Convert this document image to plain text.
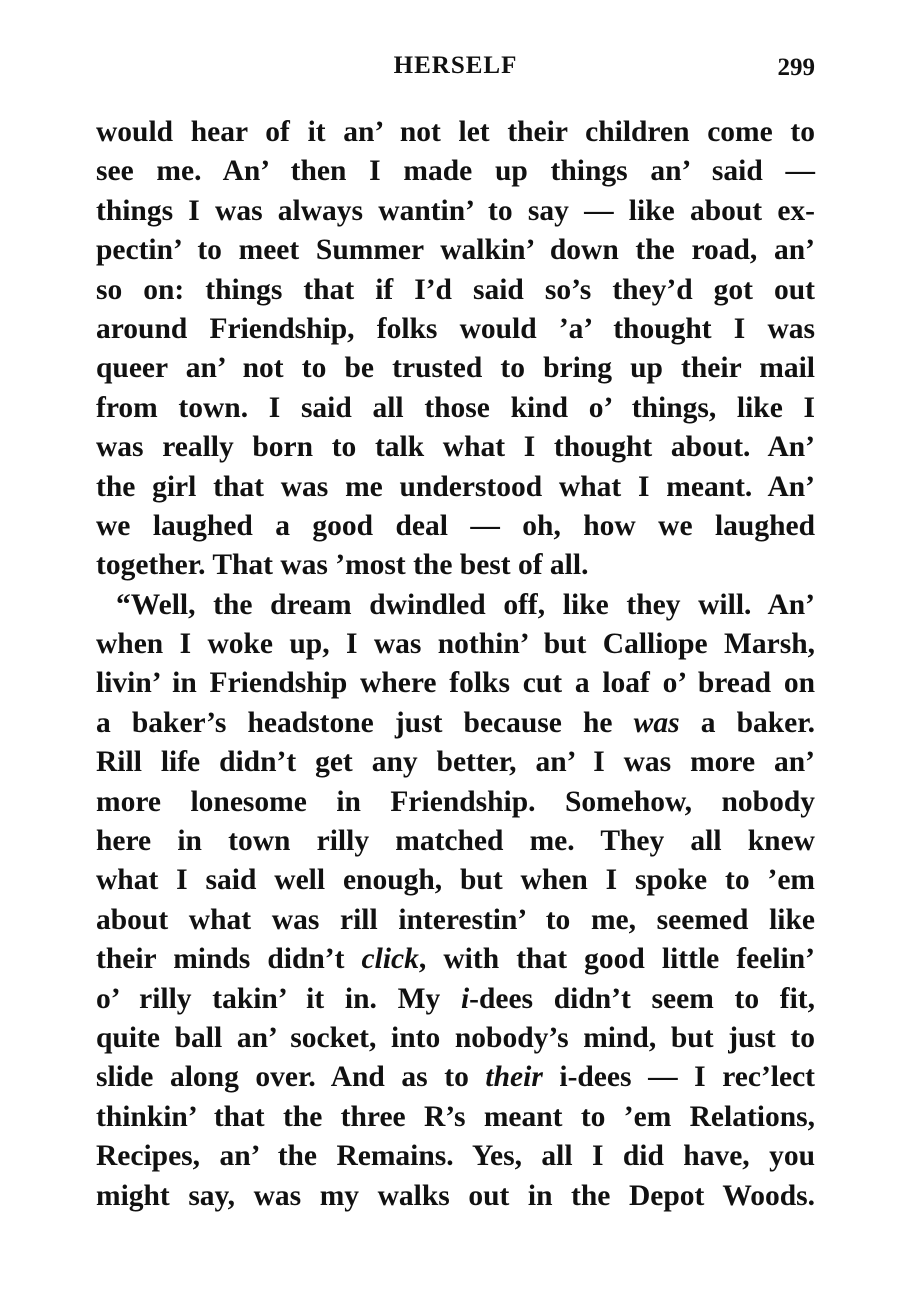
HERSELF	299
would hear of it an’ not let their children come to
see me. An’ then I made up things an’ said —
things I was always wantin’ to say — like about ex-
pectin’ to meet Summer walkin’ down the road, an’
so on: things that if I’d said so’s they’d got out
around Friendship, folks would ’a’ thought I was
queer an’ not to be trusted to bring up their mail
from town. I said all those kind o’ things, like I
was really born to talk what I thought about. An’
the girl that was me understood what I meant. An’
we laughed a good deal — oh, how we laughed
together. That was ’most the best of all.
“Well, the dream dwindled off, like they will. An’
when I woke up, I was nothin’ but Calliope Marsh,
livin’ in Friendship where folks cut a loaf o’ bread on
a baker’s headstone just because he was a baker.
Rill life didn’t get any better, an’ I was more an’
more lonesome in Friendship. Somehow, nobody
here in town rilly matched me. They all knew
what I said well enough, but when I spoke to ’em
about what was rill interestin’ to me, seemed like
their minds didn’t click, with that good little feelin’
o’ rilly takin’ it in. My i-dees didn’t seem to fit,
quite ball an’ socket, into nobody’s mind, but just to
slide along over. And as to their i-dees — I rec’lect
thinkin’ that the three R’s meant to ’em Relations,
Recipes, an’ the Remains. Yes, all I did have, you
might say, was my walks out in the Depot Woods.
